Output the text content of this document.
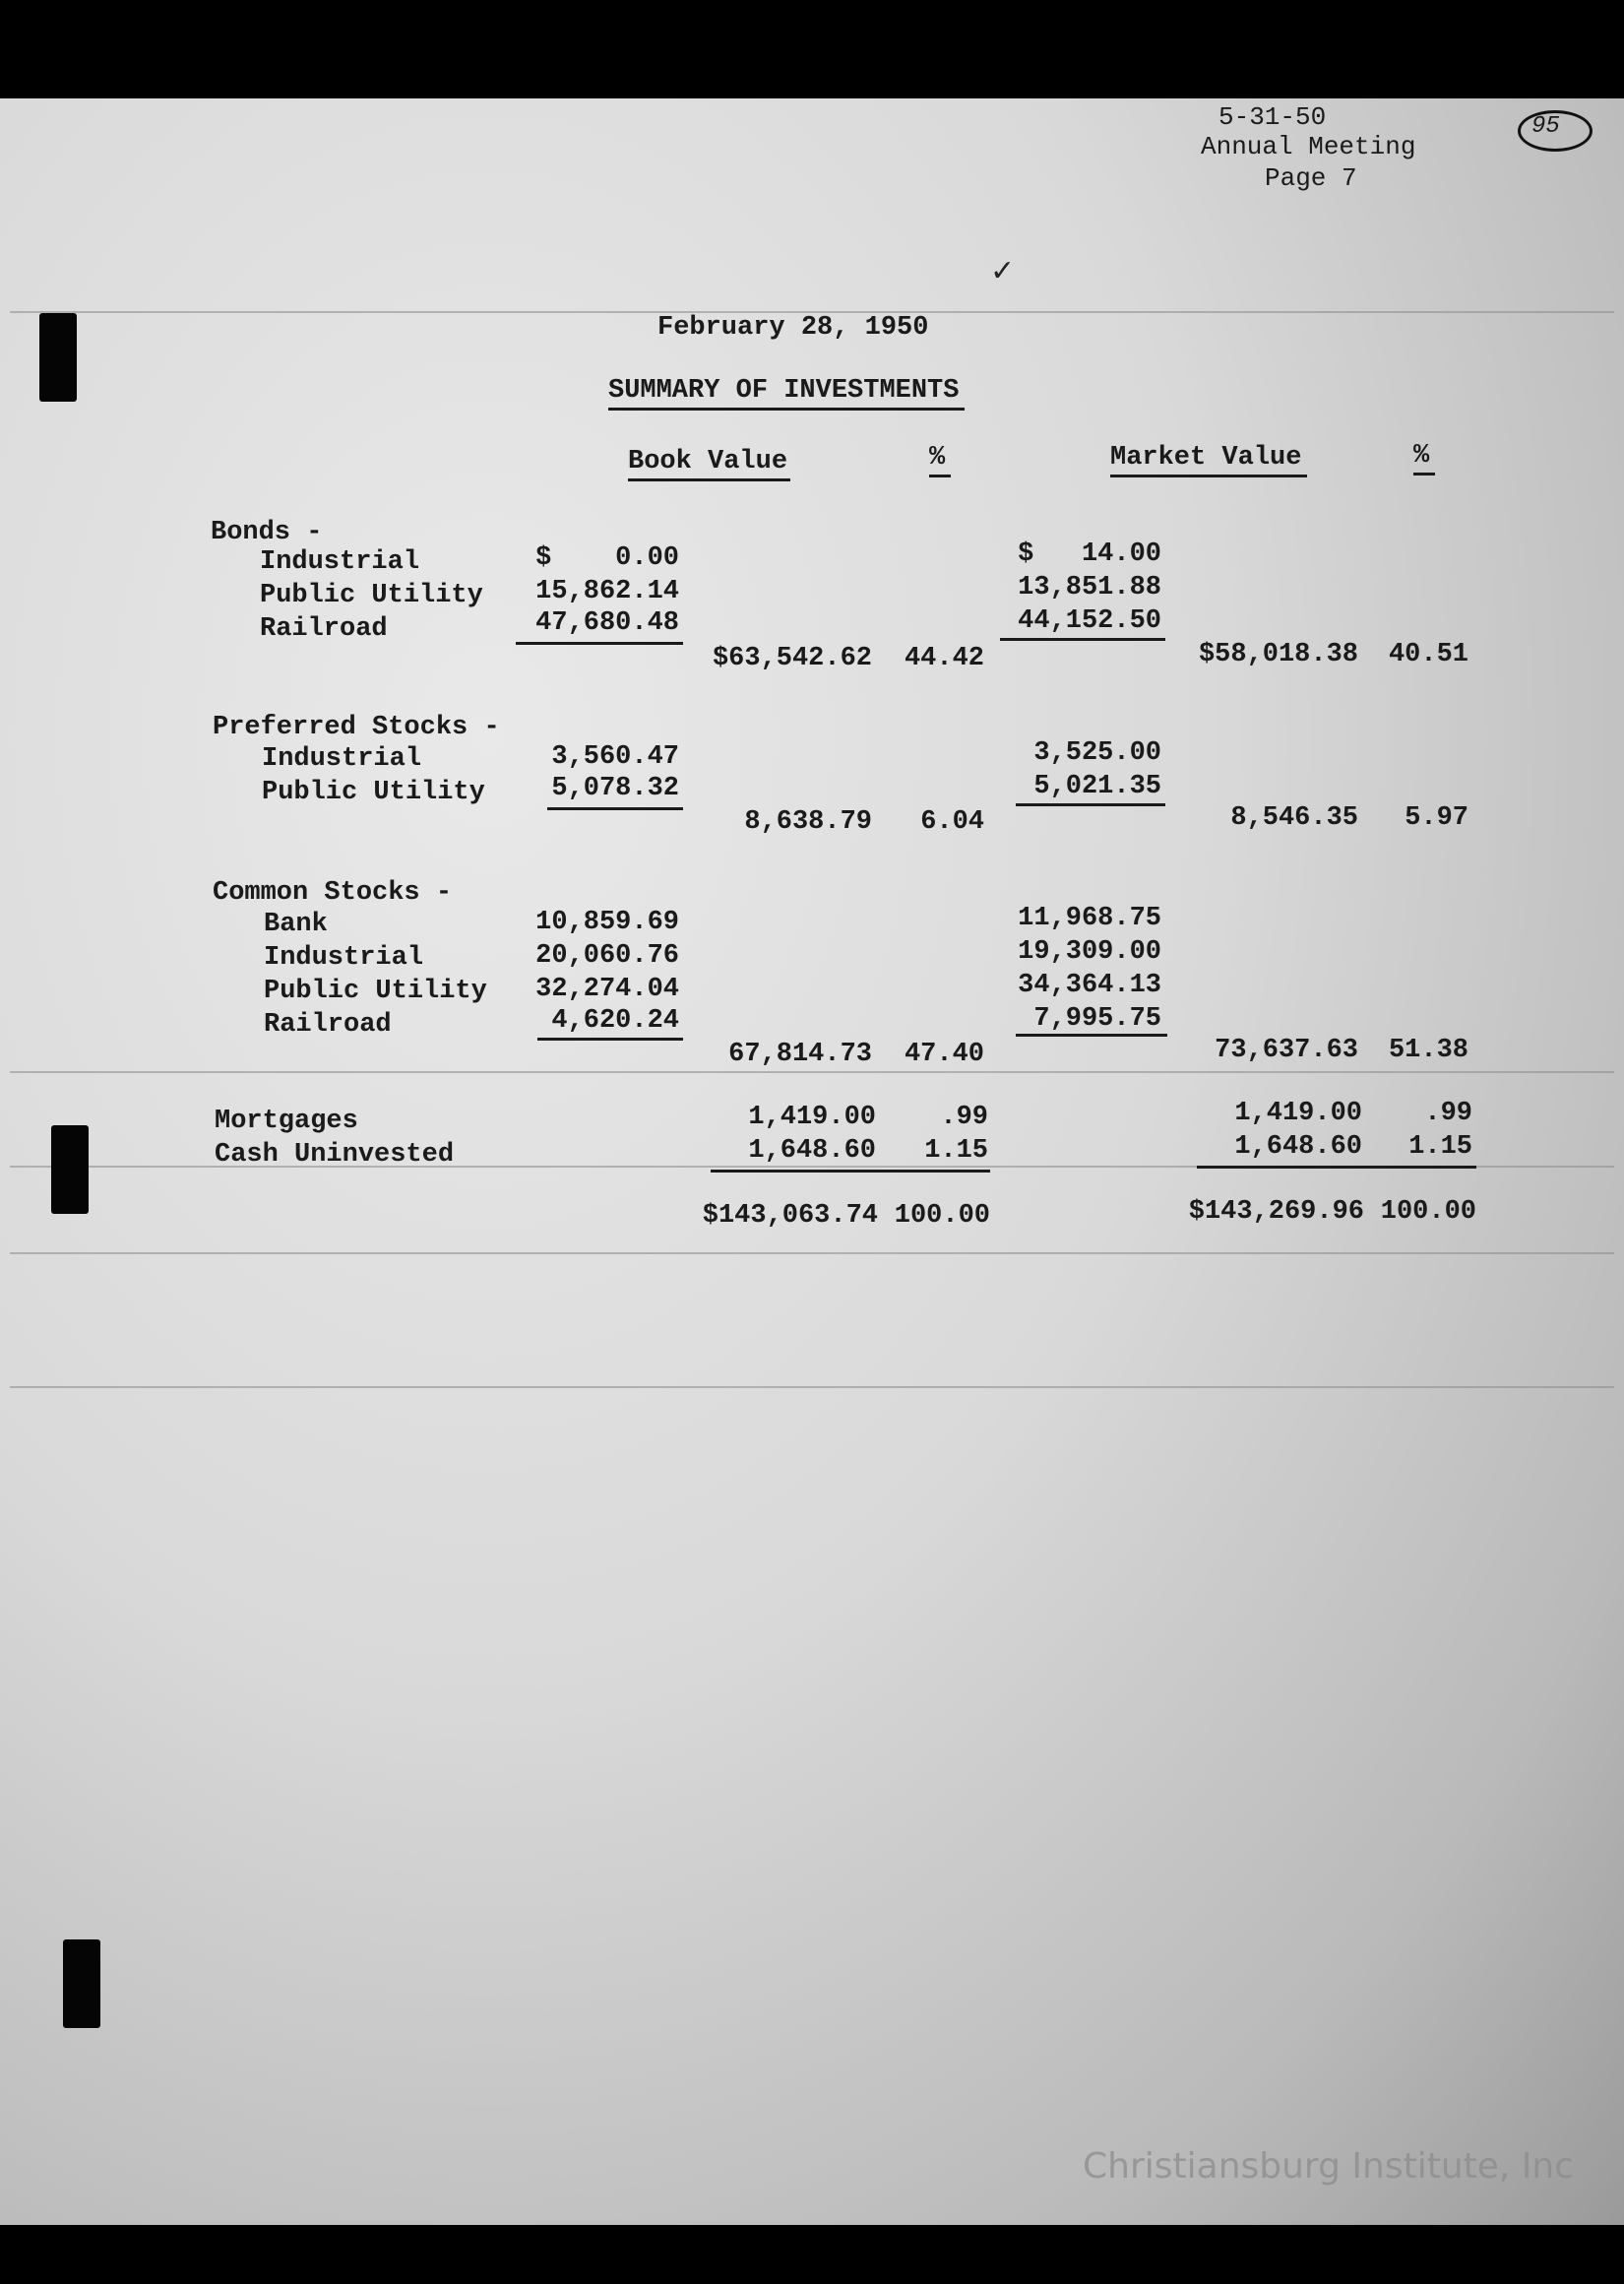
5-31-50
Annual Meeting
Page 7
95
✓
February 28, 1950
SUMMARY OF INVESTMENTS
Book Value	%	Market Value	%
Bonds -
Industrial	$    0.00	$   14.00
Public Utility	15,862.14	13,851.88
Railroad	47,680.48	44,152.50
$63,542.62	44.42	$58,018.38	40.51
Preferred Stocks -
Industrial	3,560.47	3,525.00
Public Utility	5,078.32	5,021.35
8,638.79	6.04	8,546.35	5.97
Common Stocks -
Bank	10,859.69	11,968.75
Industrial	20,060.76	19,309.00
Public Utility	32,274.04	34,364.13
Railroad	4,620.24	7,995.75
67,814.73	47.40	73,637.63	51.38
Mortgages	1,419.00	.99	1,419.00	.99
Cash Uninvested	1,648.60	1.15	1,648.60	1.15
$143,063.74 100.00	$143,269.96 100.00
Christiansburg Institute, Inc
